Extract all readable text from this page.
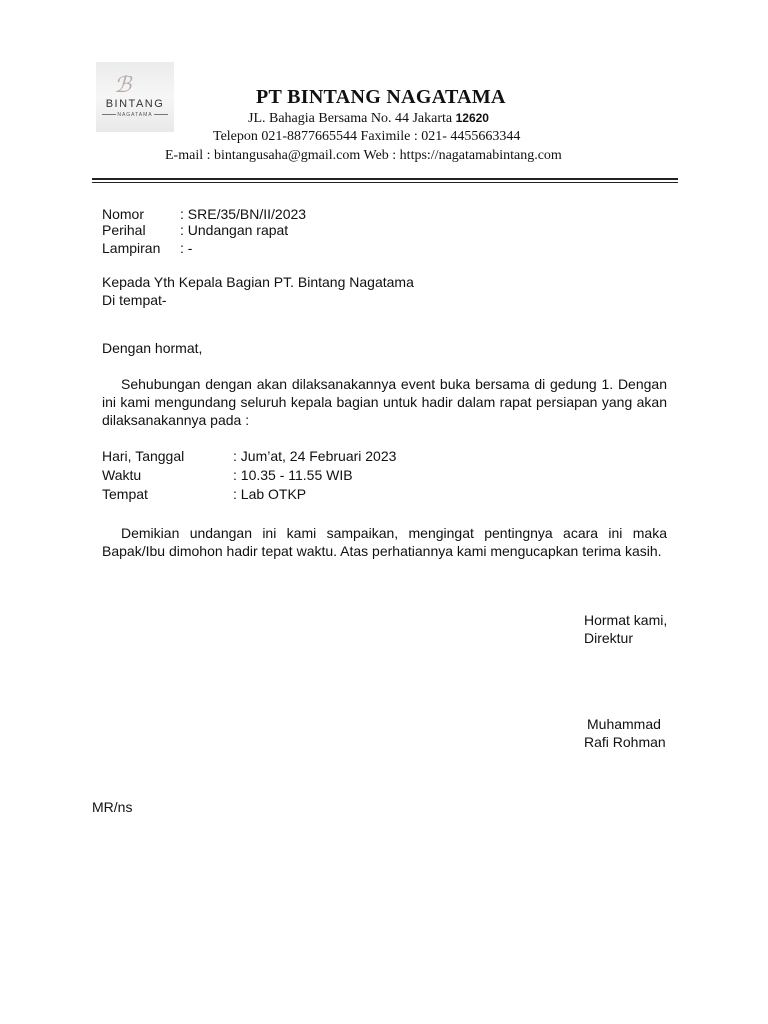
ℬ
BINTANG
NAGATAMA
PT BINTANG NAGATAMA
JL. Bahagia Bersama No. 44 Jakarta 12620
Telepon 021-8877665544 Faximile : 021- 4455663344
E-mail : bintangusaha@gmail.com Web : https://nagatamabintang.com
Nomor	: SRE/35/BN/II/2023
Perihal : Undangan rapat
Lampiran : -
Kepada Yth Kepala Bagian PT. Bintang Nagatama
Di tempat-
Dengan hormat,
Sehubungan dengan akan dilaksanakannya event buka bersama di gedung 1. Dengan ini kami mengundang seluruh kepala bagian untuk hadir dalam rapat persiapan yang akan dilaksanakannya pada :
Hari, Tanggal	: Jum’at, 24 Februari 2023
Waktu	: 10.35 - 11.55 WIB
Tempat	: Lab OTKP
Demikian undangan ini kami sampaikan, mengingat pentingnya acara ini maka Bapak/Ibu dimohon hadir tepat waktu. Atas perhatiannya kami mengucapkan terima kasih.
Hormat kami,
Direktur
Muhammad
Rafi Rohman
MR/ns
